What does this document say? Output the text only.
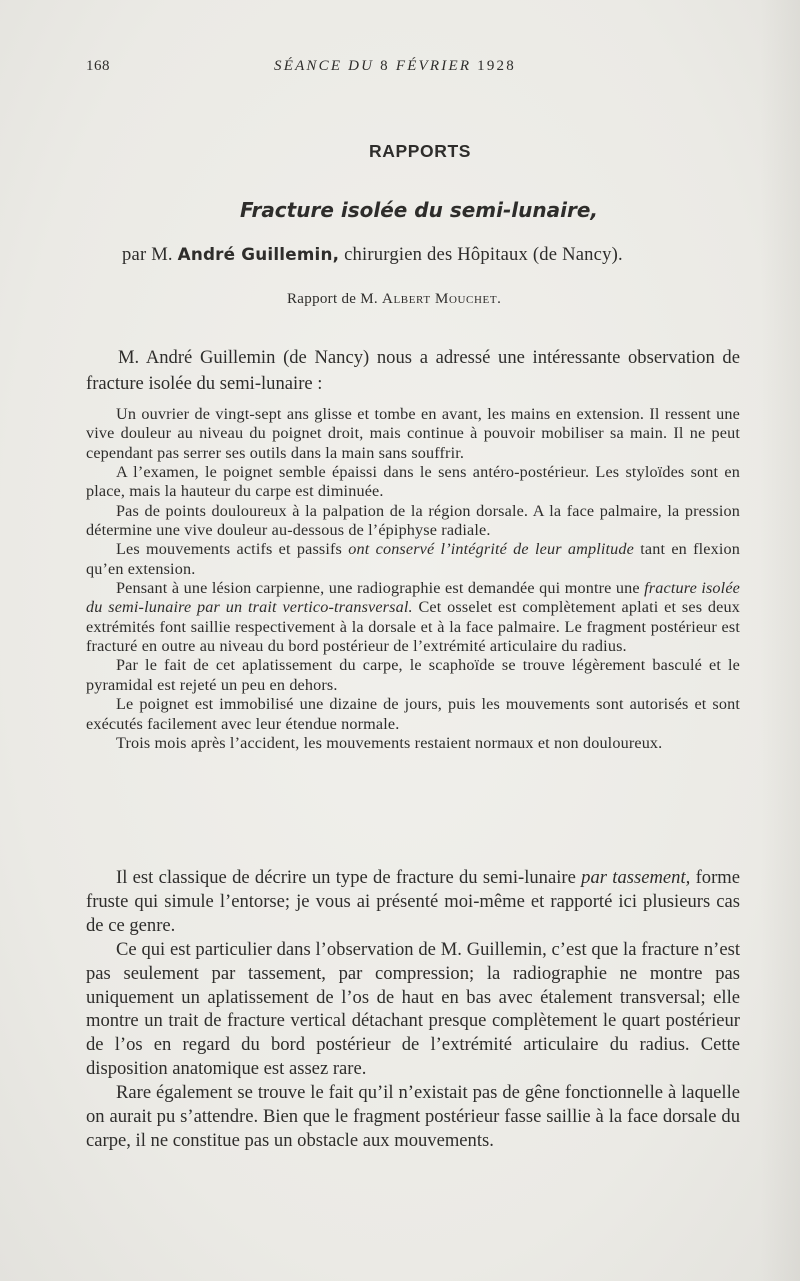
168	SÉANCE DU 8 FÉVRIER 1928
RAPPORTS
Fracture isolée du semi-lunaire,
par M. André Guillemin, chirurgien des Hôpitaux (de Nancy).
Rapport de M. Albert Mouchet.

M. André Guillemin (de Nancy) nous a adressé une intéressante observation de fracture isolée du semi-lunaire :

Un ouvrier de vingt-sept ans glisse et tombe en avant, les mains en extension. Il ressent une vive douleur au niveau du poignet droit, mais continue à pouvoir mobiliser sa main. Il ne peut cependant pas serrer ses outils dans la main sans souffrir.

A l’examen, le poignet semble épaissi dans le sens antéro-postérieur. Les styloïdes sont en place, mais la hauteur du carpe est diminuée.

Pas de points douloureux à la palpation de la région dorsale. A la face palmaire, la pression détermine une vive douleur au-dessous de l’épiphyse radiale.

Les mouvements actifs et passifs ont conservé l’intégrité de leur amplitude tant en flexion qu’en extension.

Pensant à une lésion carpienne, une radiographie est demandée qui montre une fracture isolée du semi-lunaire par un trait vertico-transversal. Cet osselet est complètement aplati et ses deux extrémités font saillie respectivement à la dorsale et à la face palmaire. Le fragment postérieur est fracturé en outre au niveau du bord postérieur de l’extrémité articulaire du radius.

Par le fait de cet aplatissement du carpe, le scaphoïde se trouve légèrement basculé et le pyramidal est rejeté un peu en dehors.

Le poignet est immobilisé une dizaine de jours, puis les mouvements sont autorisés et sont exécutés facilement avec leur étendue normale.

Trois mois après l’accident, les mouvements restaient normaux et non douloureux.

Il est classique de décrire un type de fracture du semi-lunaire par tassement, forme fruste qui simule l’entorse; je vous ai présenté moi-même et rapporté ici plusieurs cas de ce genre.

Ce qui est particulier dans l’observation de M. Guillemin, c’est que la fracture n’est pas seulement par tassement, par compression; la radiographie ne montre pas uniquement un aplatissement de l’os de haut en bas avec étalement transversal; elle montre un trait de fracture vertical détachant presque complètement le quart postérieur de l’os en regard du bord postérieur de l’extrémité articulaire du radius. Cette disposition anatomique est assez rare.

Rare également se trouve le fait qu’il n’existait pas de gêne fonctionnelle à laquelle on aurait pu s’attendre. Bien que le fragment postérieur fasse saillie à la face dorsale du carpe, il ne constitue pas un obstacle aux mouvements.
